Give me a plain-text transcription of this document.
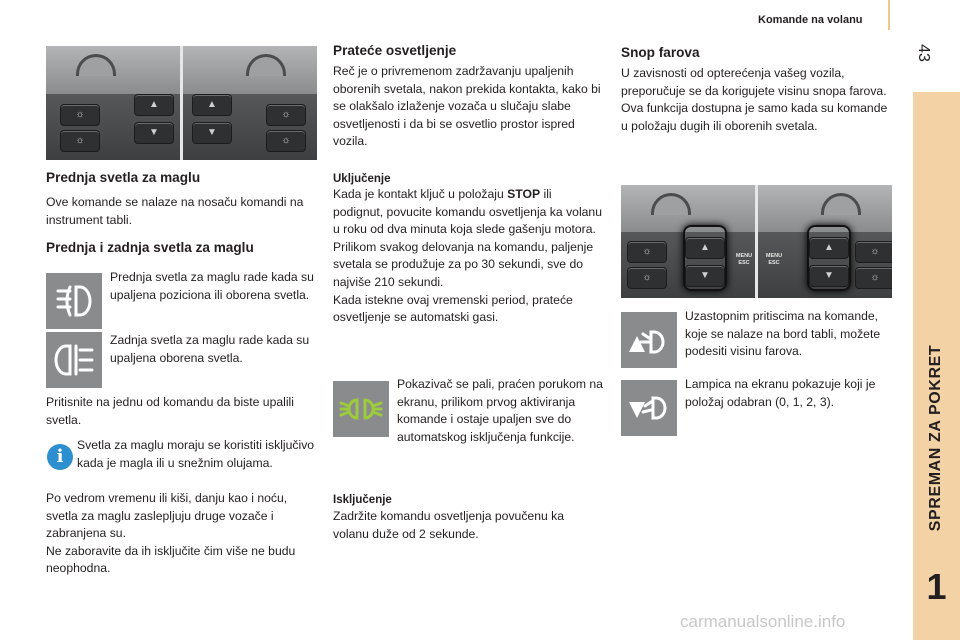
Komande na volanu
43
SPREMAN ZA POKRET
1
☼
☼
▲
▼
▲
▼
☼
☼
Prednja svetla za maglu
Ove komande se nalaze na nosaču komandi na instrument tabli.
Prednja i zadnja svetla za maglu
Prednja svetla za maglu rade kada su upaljena poziciona ili oborena svetla.
Zadnja svetla za maglu rade kada su upaljena oborena svetla.
Pritisnite na jednu od komandu da biste upalili svetla.
i
Svetla za maglu moraju se koristiti isključivo kada je magla ili u snežnim olujama.
Po vedrom vremenu ili kiši, danju kao i noću, svetla za maglu zaslepljuju druge vozače i zabranjena su.
Ne zaboravite da ih isključite čim više ne budu neophodna.
Prateće osvetljenje
Reč je o privremenom zadržavanju upaljenih oborenih svetala, nakon prekida kontakta, kako bi se olakšalo izlaženje vozača u slučaju slabe osvetljenosti i da bi se osvetlio prostor ispred vozila.
Uključenje
Kada je kontakt ključ u položaju STOP ili podignut, povucite komandu osvetljenja ka volanu u roku od dva minuta koja slede gašenju motora.
Prilikom svakog delovanja na komandu, paljenje svetala se produžuje za po 30 sekundi, sve do najviše 210 sekundi.
Kada istekne ovaj vremenski period, prateće osvetljenje se automatski gasi.
Pokazivač se pali, praćen porukom na ekranu, prilikom prvog aktiviranja komande i ostaje upaljen sve do automatskog isključenja funkcije.
Isključenje
Zadržite komandu osvetljenja povučenu ka volanu duže od 2 sekunde.
Snop farova
U zavisnosti od opterećenja vašeg vozila, preporučuje se da korigujete visinu snopa farova.
Ova funkcija dostupna je samo kada su komande u položaju dugih ili oborenih svetala.
☼
☼
▲
▼
MENU
ESC
MENU
ESC
▲
▼
☼
☼
Uzastopnim pritiscima na komande, koje se nalaze na bord tabli, možete podesiti visinu farova.
Lampica na ekranu pokazuje koji je položaj odabran (0, 1, 2, 3).
carmanualsonline.info
